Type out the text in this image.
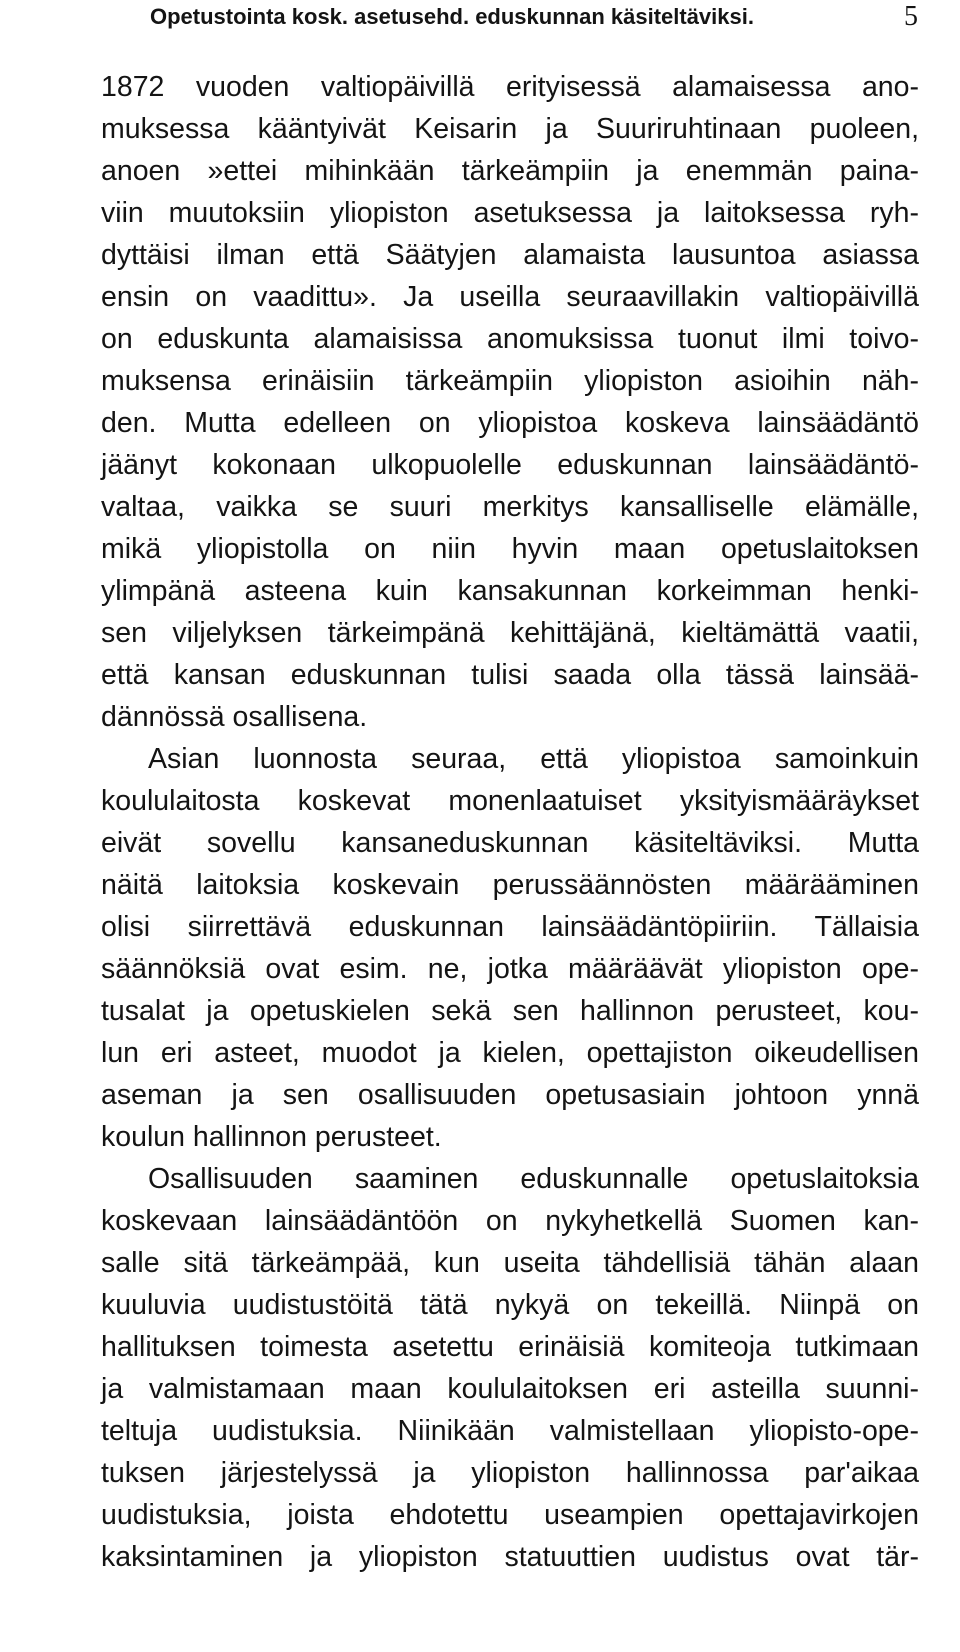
Opetustointa kosk. asetusehd. eduskunnan käsiteltäviksi.	5
1872 vuoden valtiopäivillä erityisessä alamaisessa ano-
muksessa kääntyivät Keisarin ja Suuriruhtinaan puoleen,
anoen »ettei mihinkään tärkeämpiin ja enemmän paina-
viin muutoksiin yliopiston asetuksessa ja laitoksessa ryh-
dyttäisi ilman että Säätyjen alamaista lausuntoa asiassa
ensin on vaadittu». Ja useilla seuraavillakin valtiopäivillä
on eduskunta alamaisissa anomuksissa tuonut ilmi toivo-
muksensa erinäisiin tärkeämpiin yliopiston asioihin näh-
den. Mutta edelleen on yliopistoa koskeva lainsäädäntö
jäänyt kokonaan ulkopuolelle eduskunnan lainsäädäntö-
valtaa, vaikka se suuri merkitys kansalliselle elämälle,
mikä yliopistolla on niin hyvin maan opetuslaitoksen
ylimpänä asteena kuin kansakunnan korkeimman henki-
sen viljelyksen tärkeimpänä kehittäjänä, kieltämättä vaatii,
että kansan eduskunnan tulisi saada olla tässä lainsää-
dännössä osallisena.
Asian luonnosta seuraa, että yliopistoa samoinkuin
koululaitosta koskevat monenlaatuiset yksityismääräykset
eivät sovellu kansaneduskunnan käsiteltäviksi. Mutta
näitä laitoksia koskevain perussäännösten määrääminen
olisi siirrettävä eduskunnan lainsäädäntöpiiriin. Tällaisia
säännöksiä ovat esim. ne, jotka määräävät yliopiston ope-
tusalat ja opetuskielen sekä sen hallinnon perusteet, kou-
lun eri asteet, muodot ja kielen, opettajiston oikeudellisen
aseman ja sen osallisuuden opetusasiain johtoon ynnä
koulun hallinnon perusteet.
Osallisuuden saaminen eduskunnalle opetuslaitoksia
koskevaan lainsäädäntöön on nykyhetkellä Suomen kan-
salle sitä tärkeämpää, kun useita tähdellisiä tähän alaan
kuuluvia uudistustöitä tätä nykyä on tekeillä. Niinpä on
hallituksen toimesta asetettu erinäisiä komiteoja tutkimaan
ja valmistamaan maan koululaitoksen eri asteilla suunni-
teltuja uudistuksia. Niinikään valmistellaan yliopisto-ope-
tuksen järjestelyssä ja yliopiston hallinnossa par'aikaa
uudistuksia, joista ehdotettu useampien opettajavirkojen
kaksintaminen ja yliopiston statuuttien uudistus ovat tär-
